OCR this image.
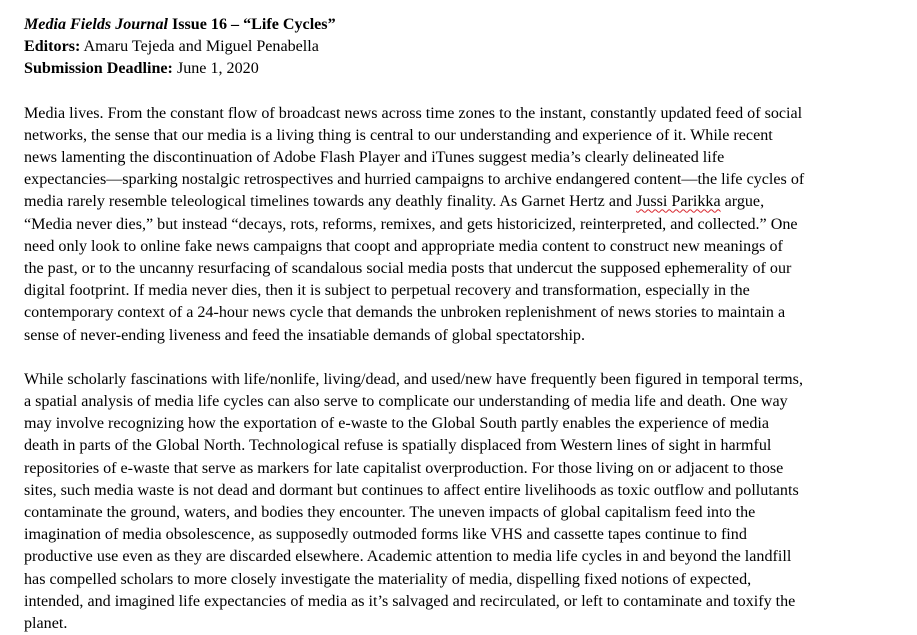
Media Fields Journal Issue 16 – “Life Cycles”
Editors: Amaru Tejeda and Miguel Penabella
Submission Deadline: June 1, 2020
Media lives. From the constant flow of broadcast news across time zones to the instant, constantly updated feed of social
networks, the sense that our media is a living thing is central to our understanding and experience of it. While recent
news lamenting the discontinuation of Adobe Flash Player and iTunes suggest media’s clearly delineated life
expectancies—sparking nostalgic retrospectives and hurried campaigns to archive endangered content—the life cycles of
media rarely resemble teleological timelines towards any deathly finality. As Garnet Hertz and Jussi Parikka argue,
“Media never dies,” but instead “decays, rots, reforms, remixes, and gets historicized, reinterpreted, and collected.” One
need only look to online fake news campaigns that coopt and appropriate media content to construct new meanings of
the past, or to the uncanny resurfacing of scandalous social media posts that undercut the supposed ephemerality of our
digital footprint. If media never dies, then it is subject to perpetual recovery and transformation, especially in the
contemporary context of a 24-hour news cycle that demands the unbroken replenishment of news stories to maintain a
sense of never-ending liveness and feed the insatiable demands of global spectatorship.
While scholarly fascinations with life/nonlife, living/dead, and used/new have frequently been figured in temporal terms,
a spatial analysis of media life cycles can also serve to complicate our understanding of media life and death. One way
may involve recognizing how the exportation of e-waste to the Global South partly enables the experience of media
death in parts of the Global North. Technological refuse is spatially displaced from Western lines of sight in harmful
repositories of e-waste that serve as markers for late capitalist overproduction. For those living on or adjacent to those
sites, such media waste is not dead and dormant but continues to affect entire livelihoods as toxic outflow and pollutants
contaminate the ground, waters, and bodies they encounter. The uneven impacts of global capitalism feed into the
imagination of media obsolescence, as supposedly outmoded forms like VHS and cassette tapes continue to find
productive use even as they are discarded elsewhere. Academic attention to media life cycles in and beyond the landfill
has compelled scholars to more closely investigate the materiality of media, dispelling fixed notions of expected,
intended, and imagined life expectancies of media as it’s salvaged and recirculated, or left to contaminate and toxify the
planet.
